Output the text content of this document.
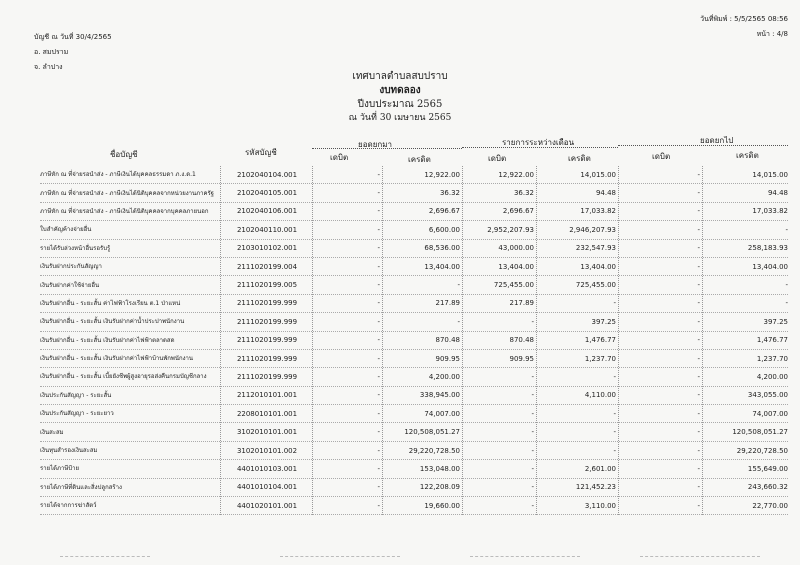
บัญชี ณ วันที่ 30/4/2565
อ. สมปราม
จ. ลำปาง
วันที่พิมพ์ : 5/5/2565 08:56
หน้า : 4/8
เทศบาลตำบลสบปราบ
งบทดลอง
ปีงบประมาณ 2565
ณ วันที่ 30 เมษายน 2565
ชื่อบัญชี	รหัสบัญชี
ยอดยกมา	รายการระหว่างเดือน	ยอดยกไป
เดบิต	เครดิต	เดบิต	เครดิต	เดบิต	เครดิต
ภาษีหัก ณ ที่จ่ายรอนำส่ง - ภาษีเงินได้บุคคลธรรมดา ภ.ง.ด.1	2102040104.001	-	12,922.00	12,922.00	14,015.00	-	14,015.00
ภาษีหัก ณ ที่จ่ายรอนำส่ง - ภาษีเงินได้นิติบุคคลจากหน่วยงานภาครัฐ	2102040105.001	-	36.32	36.32	94.48	-	94.48
ภาษีหัก ณ ที่จ่ายรอนำส่ง - ภาษีเงินได้นิติบุคคลจากบุคคลภายนอก	2102040106.001	-	2,696.67	2,696.67	17,033.82	-	17,033.82
ใบสำคัญค้างจ่ายอื่น	2102040110.001	-	6,600.00	2,952,207.93	2,946,207.93	-	-
รายได้รับล่วงหน้าอื่นรอรับรู้	2103010102.001	-	68,536.00	43,000.00	232,547.93	-	258,183.93
เงินรับฝากประกันสัญญา	2111020199.004	-	13,404.00	13,404.00	13,404.00	-	13,404.00
เงินรับฝากค่าใช้จ่ายอื่น	2111020199.005	-	-	725,455.00	725,455.00	-	-
เงินรับฝากอื่น - ระยะสั้น ค่าไฟฟ้าโรงเรียน ต.1 ป่าแหน่	2111020199.999	-	217.89	217.89	-	-	-
เงินรับฝากอื่น - ระยะสั้น เงินรับฝากค่าน้ำประปาพนักงาน	2111020199.999	-	-	-	397.25	-	397.25
เงินรับฝากอื่น - ระยะสั้น เงินรับฝากค่าไฟฟ้าตลาดสด	2111020199.999	-	870.48	870.48	1,476.77	-	1,476.77
เงินรับฝากอื่น - ระยะสั้น เงินรับฝากค่าไฟฟ้าบ้านพักพนักงาน	2111020199.999	-	909.95	909.95	1,237.70	-	1,237.70
เงินรับฝากอื่น - ระยะสั้น เบี้ยยังชีพผู้สูงอายุรอส่งคืนกรมบัญชีกลาง	2111020199.999	-	4,200.00	-	-	-	4,200.00
เงินประกันสัญญา - ระยะสั้น	2112010101.001	-	338,945.00	-	4,110.00	-	343,055.00
เงินประกันสัญญา - ระยะยาว	2208010101.001	-	74,007.00	-	-	-	74,007.00
เงินสะสม	3102010101.001	-	120,508,051.27	-	-	-	120,508,051.27
เงินทุนสำรองเงินสะสม	3102010101.002	-	29,220,728.50	-	-	-	29,220,728.50
รายได้ภาษีป้าย	4401010103.001	-	153,048.00	-	2,601.00	-	155,649.00
รายได้ภาษีที่ดินและสิ่งปลูกสร้าง	4401010104.001	-	122,208.09	-	121,452.23	-	243,660.32
รายได้จากการฆ่าสัตว์	4401020101.001	-	19,660.00	-	3,110.00	-	22,770.00
